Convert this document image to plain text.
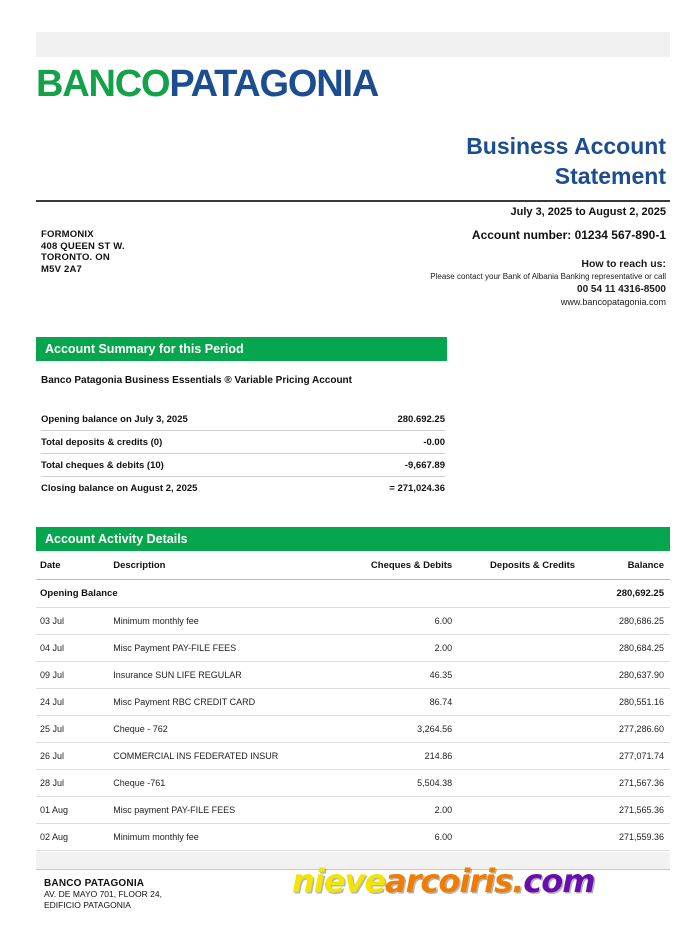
BANCOPATAGONIA
Business Account
Statement
July 3, 2025 to August 2, 2025
Account number: 01234 567-890-1
How to reach us:
Please contact your Bank of Albania Banking representative or call
00 54 11 4316-8500
www.bancopatagonia.com
FORMONIX
408 QUEEN ST W.
TORONTO. ON
M5V 2A7
Account Summary for this Period
Banco Patagonia Business Essentials ® Variable Pricing Account
Opening balance on July 3, 2025	280.692.25
Total deposits & credits (0)	-0.00
Total cheques & debits (10)	-9,667.89
Closing balance on August 2, 2025	= 271,024.36
Account Activity Details
Date	Description	Cheques & Debits	Deposits & Credits	Balance
Opening Balance				280,692.25
03 Jul	Minimum monthly fee	6.00		280,686.25
04 Jul	Misc Payment PAY-FILE FEES	2.00		280,684.25
09 Jul	Insurance SUN LIFE REGULAR	46.35		280,637.90
24 Jul	Misc Payment RBC CREDIT CARD	86.74		280,551.16
25 Jul	Cheque - 762	3,264.56		277,286.60
26 Jul	COMMERCIAL INS FEDERATED INSUR	214.86		277,071.74
28 Jul	Cheque -761	5,504.38		271,567.36
01 Aug	Misc payment PAY-FILE FEES	2.00		271,565.36
02 Aug	Minimum monthly fee	6.00		271,559.36
BANCO PATAGONIA
AV. DE MAYO 701, FLOOR 24,
EDIFICIO PATAGONIA
nievearcoiris.com
